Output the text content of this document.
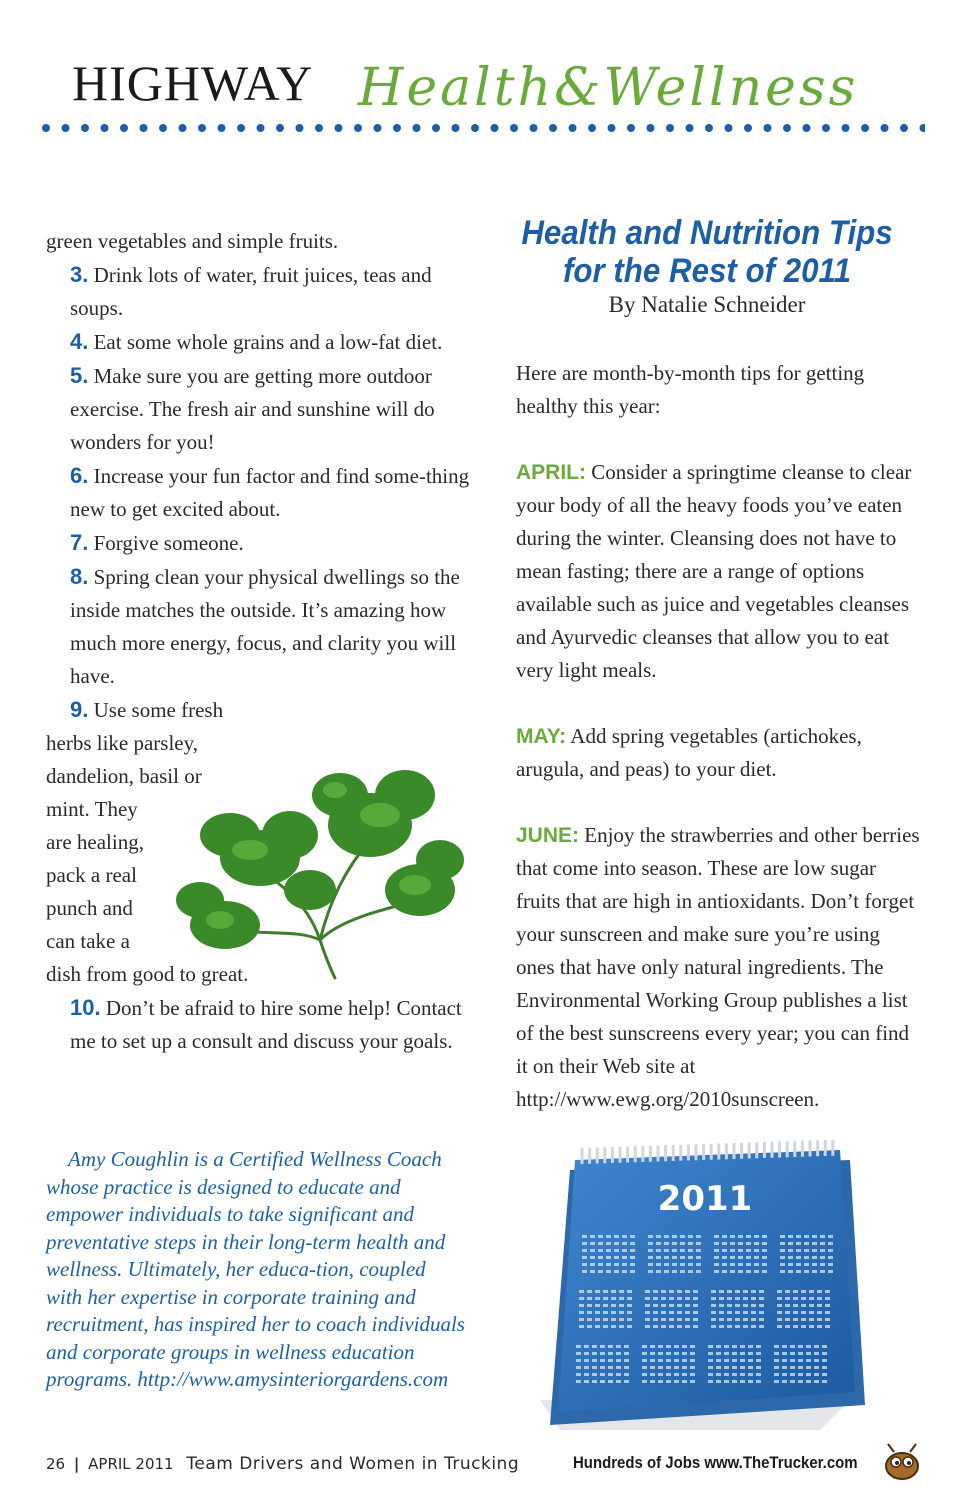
HIGHWAY Health&Wellness

green vegetables and simple fruits.

3. Drink lots of water, fruit juices, teas and soups.

4. Eat some whole grains and a low-fat diet.

5. Make sure you are getting more outdoor exercise. The fresh air and sunshine will do wonders for you!

6. Increase your fun factor and find some-thing new to get excited about.

7. Forgive someone.

8. Spring clean your physical dwellings so the inside matches the outside. It’s amazing how much more energy, focus, and clarity you will have.

9. Use some fresh
herbs like parsley,
dandelion, basil or
mint. They
are healing,
pack a real
punch and
can take a
dish from good to great.

10. Don’t be afraid to hire some help! Contact me to set up a consult and discuss your goals.

Amy Coughlin is a Certified Wellness Coach whose practice is designed to educate and empower individuals to take significant and preventative steps in their long-term health and wellness. Ultimately, her educa-tion, coupled with her expertise in corporate training and recruitment, has inspired her to coach individuals and corporate groups in wellness education programs. http://www.amysinteriorgardens.com
Health and Nutrition Tips
for the Rest of 2011
By Natalie Schneider

Here are month-by-month tips for getting healthy this year:

APRIL: Consider a springtime cleanse to clear your body of all the heavy foods you’ve eaten during the winter. Cleansing does not have to mean fasting; there are a range of options available such as juice and vegetables cleanses and Ayurvedic cleanses that allow you to eat very light meals.

MAY: Add spring vegetables (artichokes, arugula, and peas) to your diet.

JUNE: Enjoy the strawberries and other berries that come into season. These are low sugar fruits that are high in antioxidants. Don’t forget your sunscreen and make sure you’re using ones that have only natural ingredients. The Environmental Working Group publishes a list of the best sunscreens every year; you can find it on their Web site at http://www.ewg.org/2010sunscreen.

2011
26 | APRIL 2011 Team Drivers and Women in Trucking	Hundreds of Jobs www.TheTrucker.com
